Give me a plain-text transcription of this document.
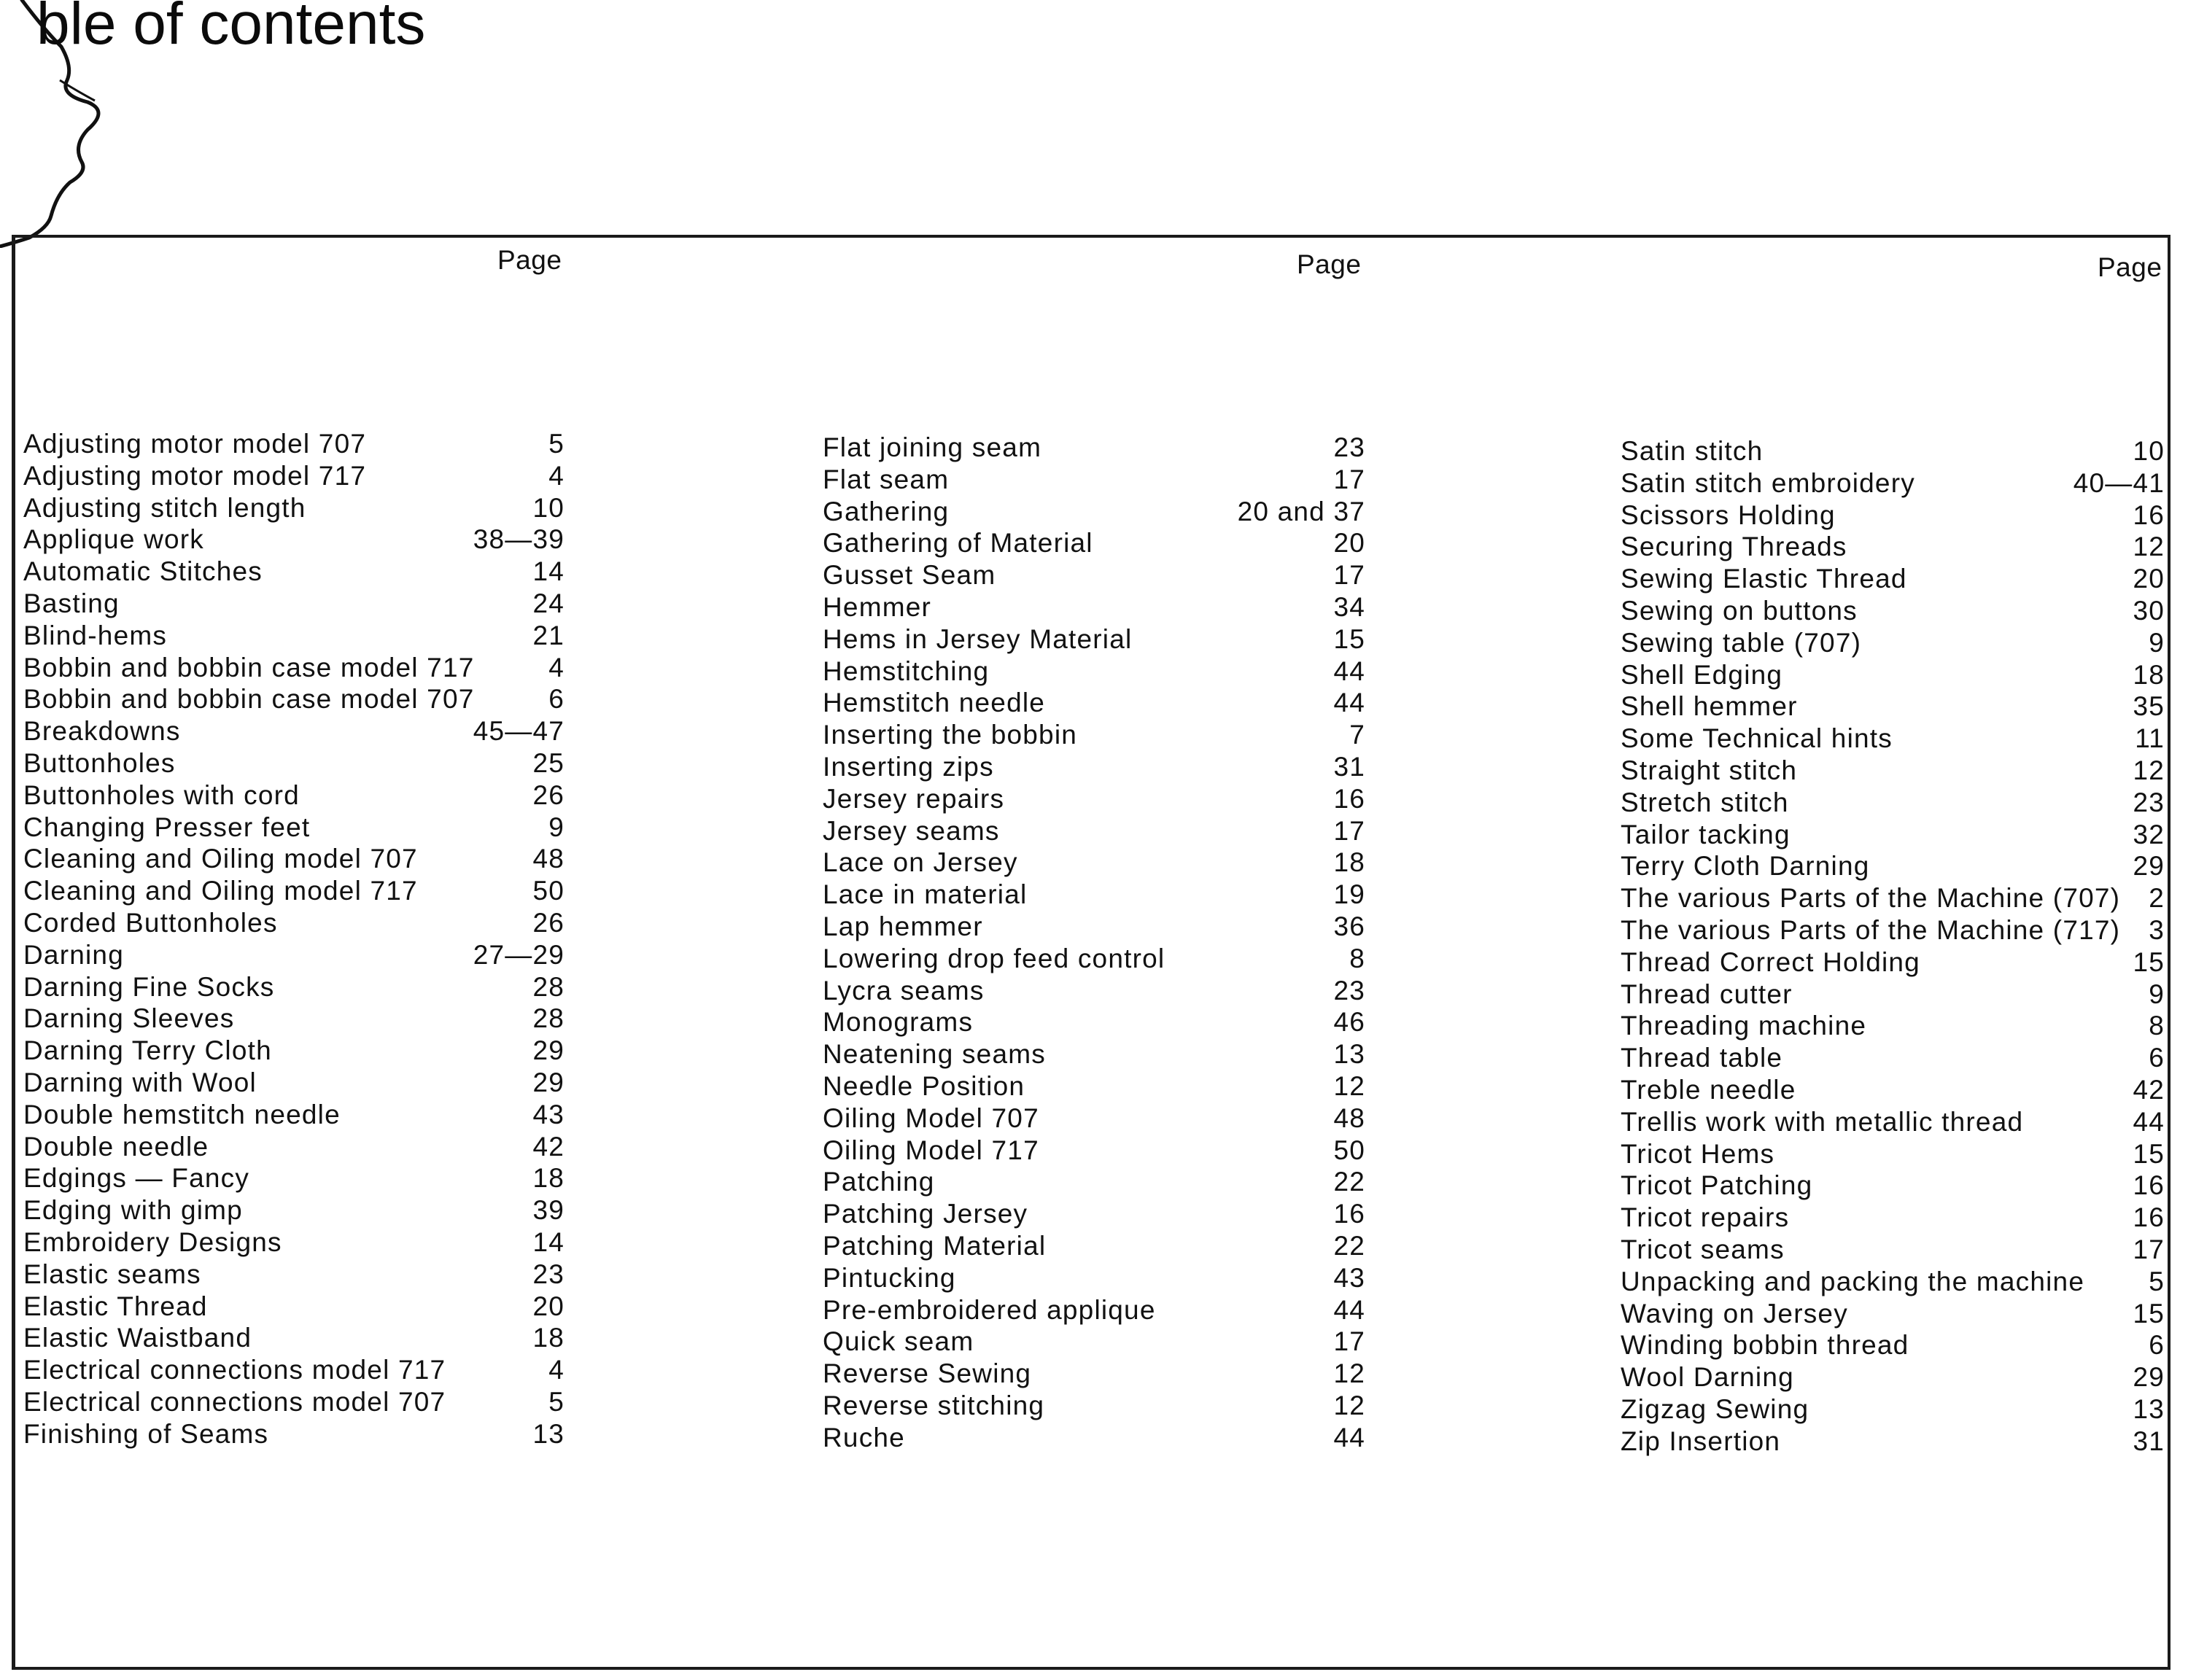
ble of contents
Page
Adjusting motor model 707	5
Adjusting motor model 717	4
Adjusting stitch length	10
Applique work	38—39
Automatic Stitches	14
Basting	24
Blind-hems	21
Bobbin and bobbin case model 717	4
Bobbin and bobbin case model 707	6
Breakdowns	45—47
Buttonholes	25
Buttonholes with cord	26
Changing Presser feet	9
Cleaning and Oiling model 707	48
Cleaning and Oiling model 717	50
Corded Buttonholes	26
Darning	27—29
Darning Fine Socks	28
Darning Sleeves	28
Darning Terry Cloth	29
Darning with Wool	29
Double hemstitch needle	43
Double needle	42
Edgings — Fancy	18
Edging with gimp	39
Embroidery Designs	14
Elastic seams	23
Elastic Thread	20
Elastic Waistband	18
Electrical connections model 717	4
Electrical connections model 707	5
Finishing of Seams	13
Page
Flat joining seam	23
Flat seam	17
Gathering	20 and 37
Gathering of Material	20
Gusset Seam	17
Hemmer	34
Hems in Jersey Material	15
Hemstitching	44
Hemstitch needle	44
Inserting the bobbin	7
Inserting zips	31
Jersey repairs	16
Jersey seams	17
Lace on Jersey	18
Lace in material	19
Lap hemmer	36
Lowering drop feed control	8
Lycra seams	23
Monograms	46
Neatening seams	13
Needle Position	12
Oiling Model 707	48
Oiling Model 717	50
Patching	22
Patching Jersey	16
Patching Material	22
Pintucking	43
Pre-embroidered applique	44
Quick seam	17
Reverse Sewing	12
Reverse stitching	12
Ruche	44
Page
Satin stitch	10
Satin stitch embroidery	40—41
Scissors Holding	16
Securing Threads	12
Sewing Elastic Thread	20
Sewing on buttons	30
Sewing table (707)	9
Shell Edging	18
Shell hemmer	35
Some Technical hints	11
Straight stitch	12
Stretch stitch	23
Tailor tacking	32
Terry Cloth Darning	29
The various Parts of the Machine (707) 2
The various Parts of the Machine (717) 3
Thread Correct Holding	15
Thread cutter	9
Threading machine	8
Thread table	6
Treble needle	42
Trellis work with metallic thread	44
Tricot Hems	15
Tricot Patching	16
Tricot repairs	16
Tricot seams	17
Unpacking and packing the machine 5
Waving on Jersey	15
Winding bobbin thread	6
Wool Darning	29
Zigzag Sewing	13
Zip Insertion	31
